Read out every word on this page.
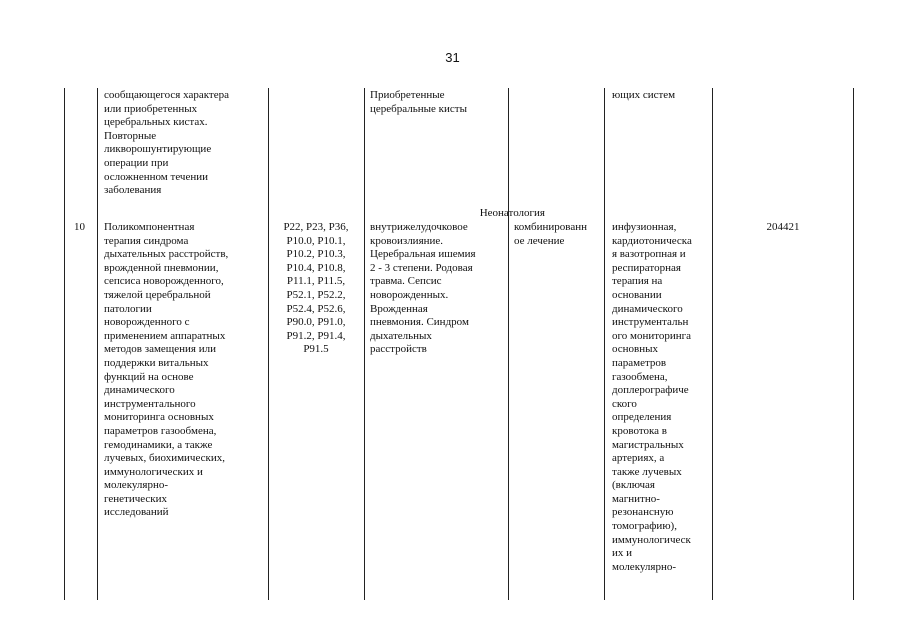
31
сообщающегося характера
или приобретенных
церебральных кистах.
Повторные
ликворошунтирующие
операции при
осложненном течении
заболевания
Приобретенные
церебральные кисты
ющих систем
Неонатология
10	Поликомпонентная
терапия синдрома
дыхательных расстройств,
врожденной пневмонии,
сепсиса новорожденного,
тяжелой церебральной
патологии
новорожденного с
применением аппаратных
методов замещения или
поддержки витальных
функций на основе
динамического
инструментального
мониторинга основных
параметров газообмена,
гемодинамики, а также
лучевых, биохимических,
иммунологических и
молекулярно-
генетических
исследований
P22, P23, P36,
P10.0, P10.1,
P10.2, P10.3,
P10.4, P10.8,
P11.1, P11.5,
P52.1, P52.2,
P52.4, P52.6,
P90.0, P91.0,
P91.2, P91.4,
P91.5
внутрижелудочковое
кровоизлияние.
Церебральная ишемия
2 - 3 степени. Родовая
травма. Сепсис
новорожденных.
Врожденная
пневмония. Синдром
дыхательных
расстройств
комбинированн
ое лечение
инфузионная,
кардиотоническа
я вазотропная и
респираторная
терапия на
основании
динамического
инструментальн
ого мониторинга
основных
параметров
газообмена,
доплерографиче
ского
определения
кровотока в
магистральных
артериях, а
также лучевых
(включая
магнитно-
резонансную
томографию),
иммунологическ
их и
молекулярно-
204421
